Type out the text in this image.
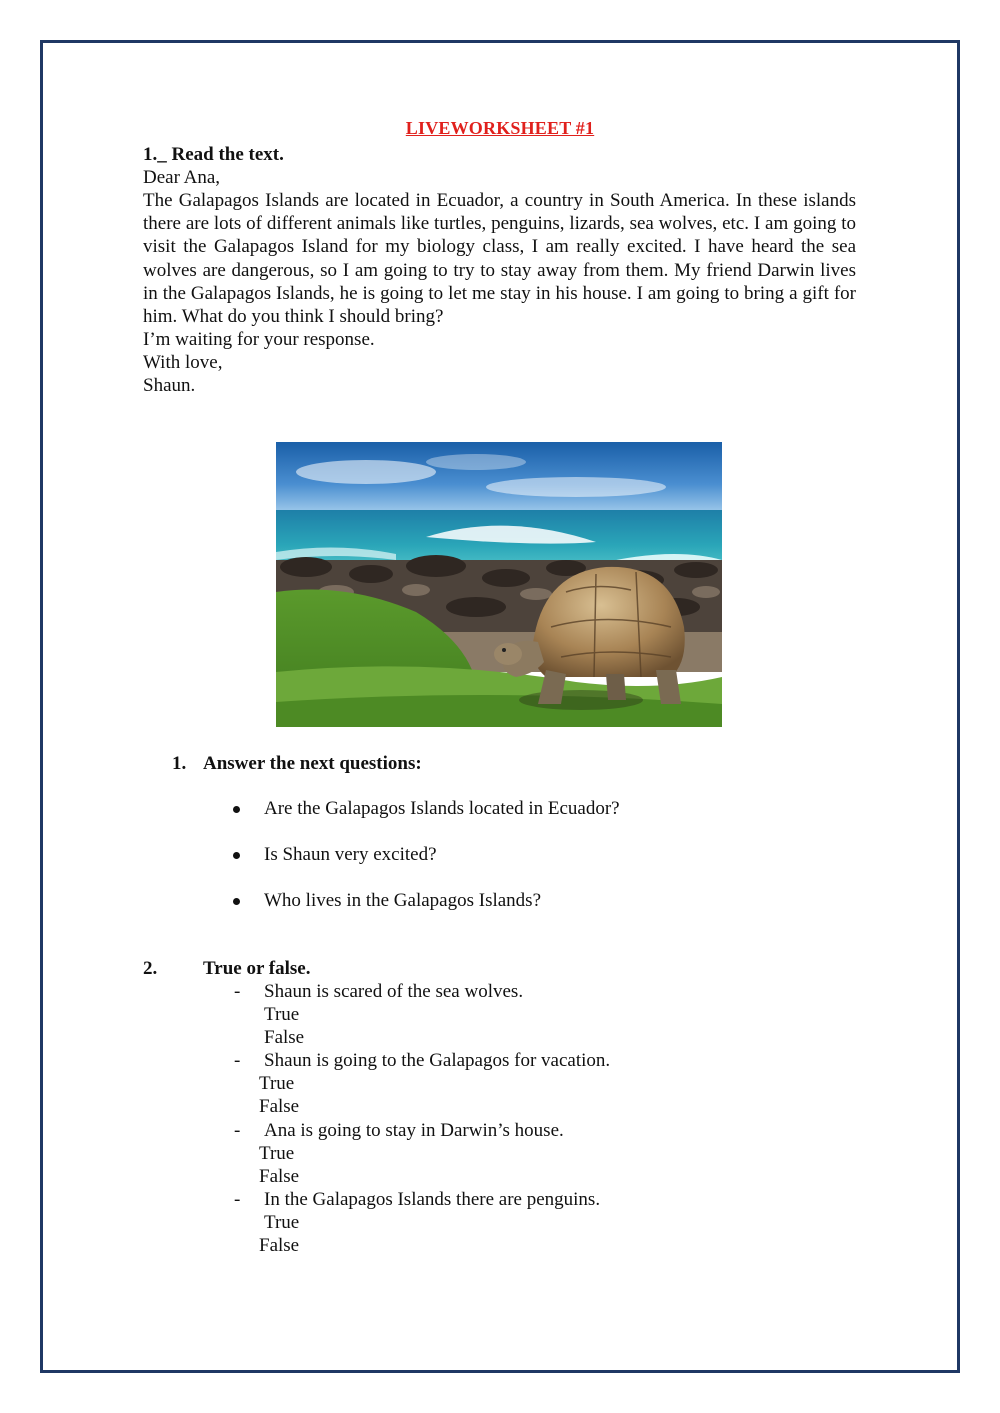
LIVEWORKSHEET #1
1._ Read the text.
Dear Ana,
The Galapagos Islands are located in Ecuador, a country in South America. In these islands there are lots of different animals like turtles, penguins, lizards, sea wolves, etc. I am going to visit the Galapagos Island for my biology class, I am really excited. I have heard the sea wolves are dangerous, so I am going to try to stay away from them. My friend Darwin lives in the Galapagos Islands, he is going to let me stay in his house. I am going to bring a gift for him. What do you think I should bring?
I’m waiting for your response.
With love,
Shaun.
1. Answer the next questions:
Are the Galapagos Islands located in Ecuador?
Is Shaun very excited?
Who lives in the Galapagos Islands?
2. True or false.
- Shaun is scared of the sea wolves.
True
False
- Shaun is going to the Galapagos for vacation.
True
False
- Ana is going to stay in Darwin’s house.
True
False
- In the Galapagos Islands there are penguins.
True
False
